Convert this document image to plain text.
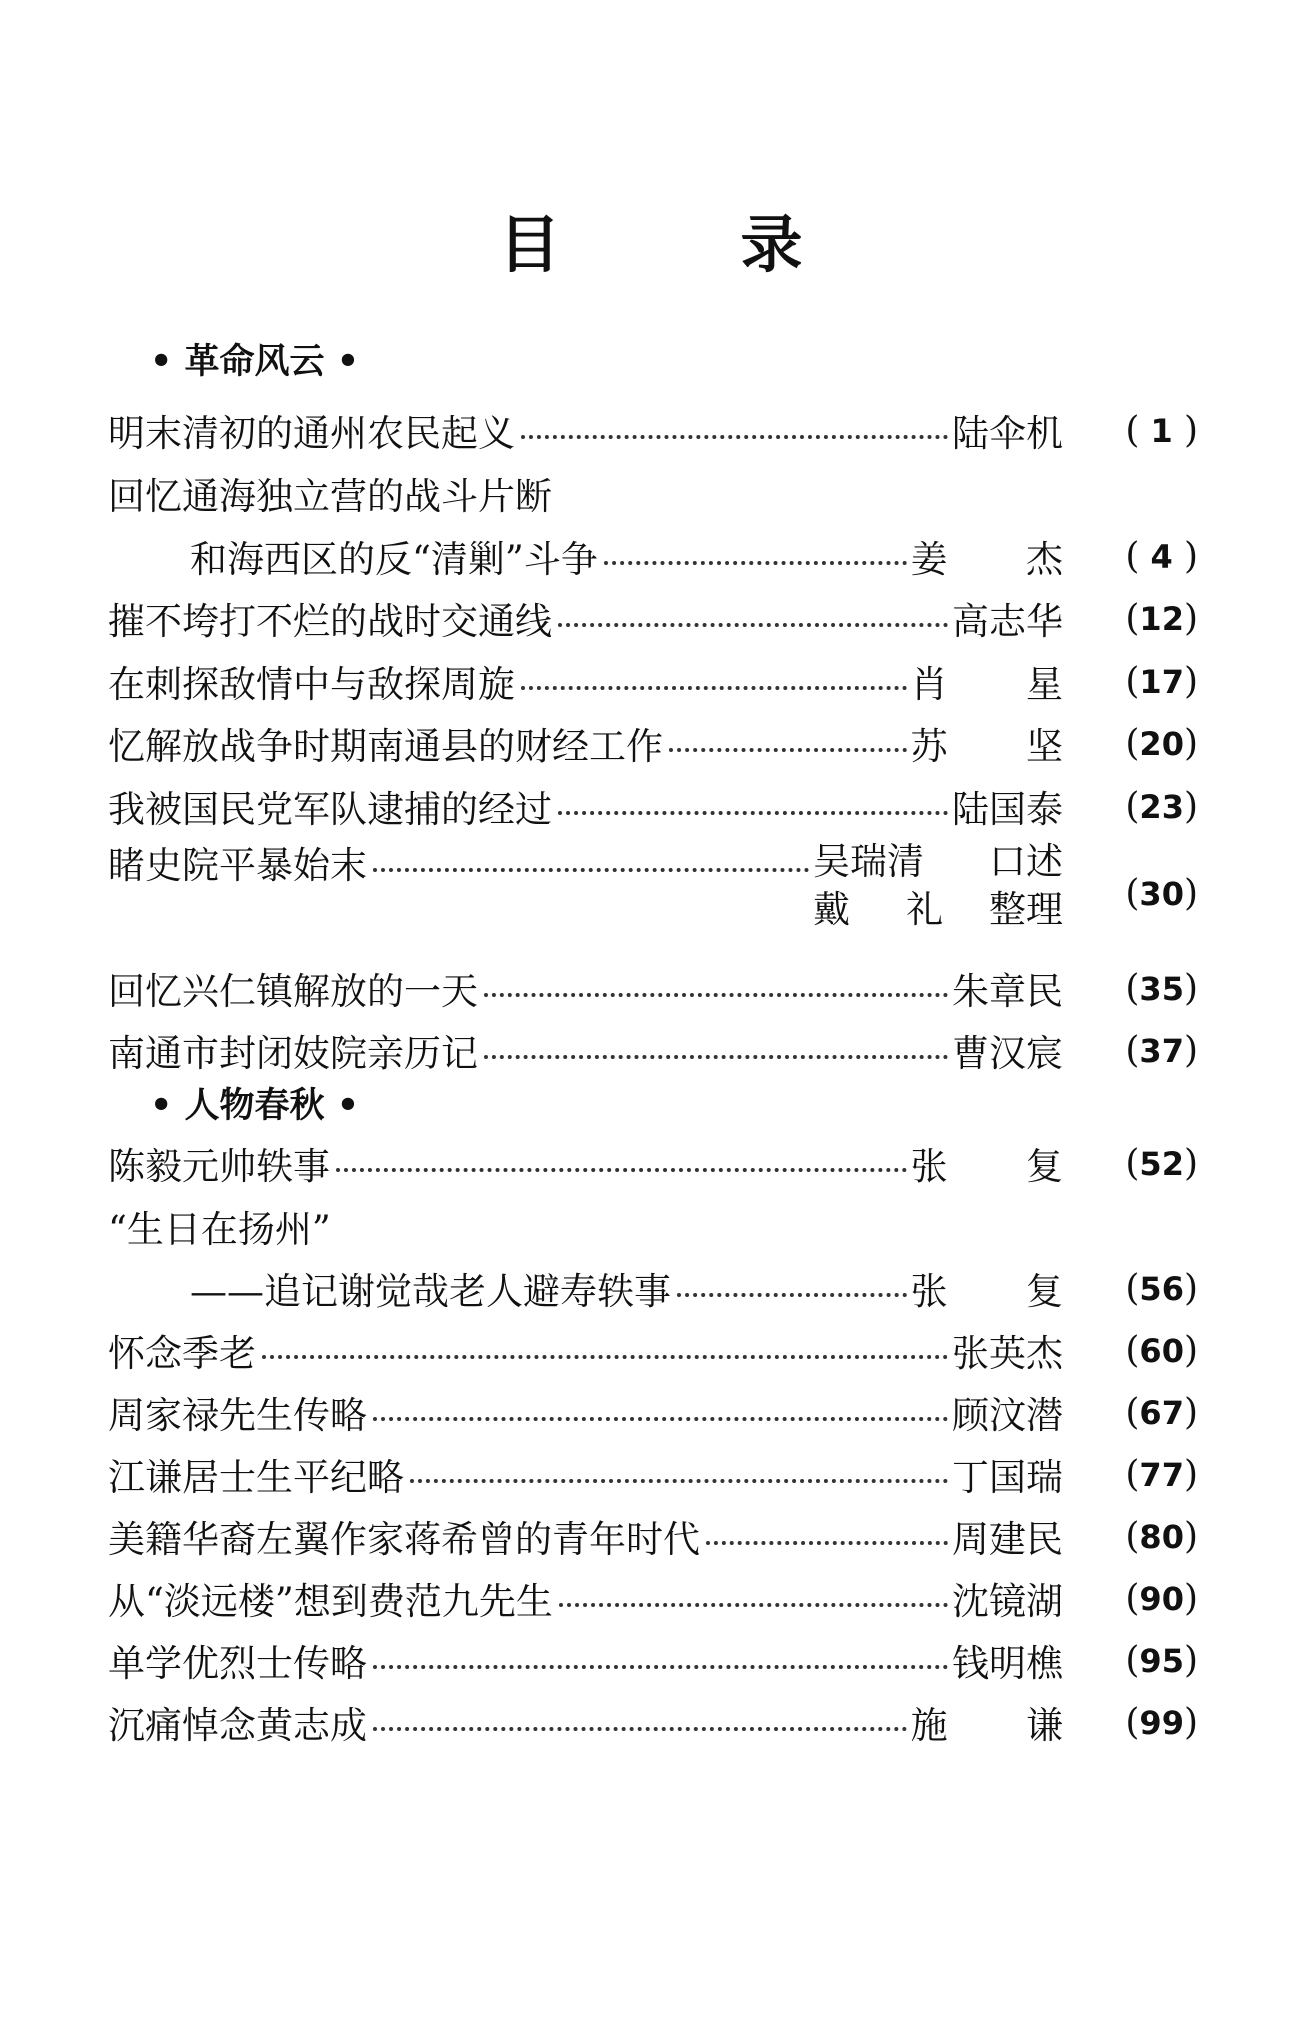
目	录
• 革命风云 •
明末清初的通州农民起义	陆伞机	( 1 )
回忆通海独立营的战斗片断
和海西区的反“清剿”斗争	姜 杰 ( 4 )
摧不垮打不烂的战时交通线	高志华	(12)
在刺探敌情中与敌探周旋	肖 星 (17)
忆解放战争时期南通县的财经工作	苏 坚 (20)
我被国民党军队逮捕的经过	陆国泰	(23)
睹史院平暴始末	吴瑞清 口述
戴 礼 整理	(30)
回忆兴仁镇解放的一天	朱章民	(35)
南通市封闭妓院亲历记	曹汉宸	(37)
• 人物春秋 •
陈毅元帅轶事	张 复 (52)
“生日在扬州”
——追记谢觉哉老人避寿轶事	张 复 (56)
怀念季老	张英杰	(60)
周家禄先生传略	顾汶潜	(67)
江谦居士生平纪略	丁国瑞	(77)
美籍华裔左翼作家蒋希曾的青年时代	周建民	(80)
从“淡远楼”想到费范九先生	沈镜湖	(90)
单学优烈士传略	钱明樵	(95)
沉痛悼念黄志成	施 谦 (99)
